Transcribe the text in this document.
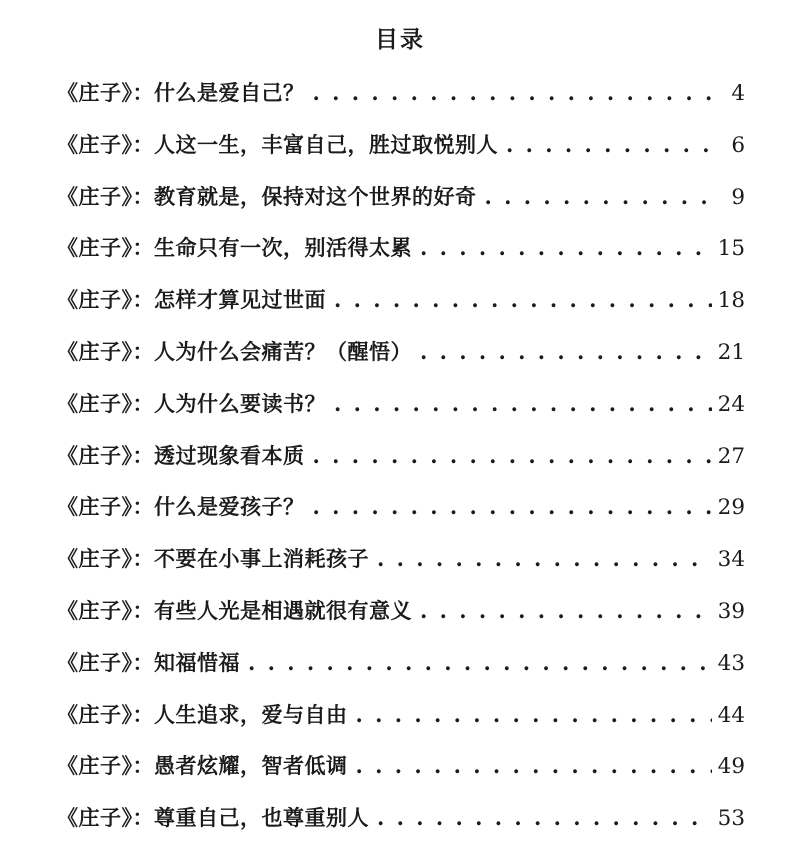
目录
《庄子》：什么是爱自己？ . . .	4
《庄子》：人这一生，丰富自己，胜过取悦别人 . . .	6
《庄子》：教育就是，保持对这个世界的好奇 . . .	9
《庄子》：生命只有一次，别活得太累 . . .	15
《庄子》：怎样才算见过世面 . . .	18
《庄子》：人为什么会痛苦？（醒悟） . . .	21
《庄子》：人为什么要读书？ . . .	24
《庄子》：透过现象看本质 . . .	27
《庄子》：什么是爱孩子？ . . .	29
《庄子》：不要在小事上消耗孩子 . . .	34
《庄子》：有些人光是相遇就很有意义 . . .	39
《庄子》：知福惜福 . . .	43
《庄子》：人生追求，爱与自由 . . .	44
《庄子》：愚者炫耀，智者低调 . . .	49
《庄子》：尊重自己，也尊重别人 . . .	53
